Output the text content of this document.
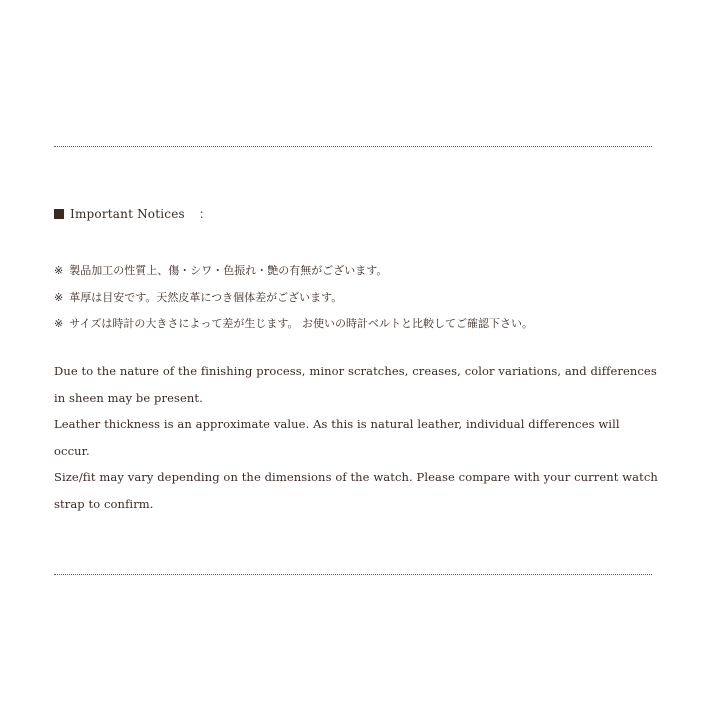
Important Notices ：
※ 製品加工の性質上、傷・シワ・色振れ・艶の有無がございます。
※ 革厚は目安です。天然皮革につき個体差がございます。
※ サイズは時計の大きさによって差が生じます。 お使いの時計ベルトと比較してご確認下さい。

Due to the nature of the finishing process, minor scratches, creases, color variations, and differences in sheen may be present.

Leather thickness is an approximate value. As this is natural leather, individual differences will occur.

Size/fit may vary depending on the dimensions of the watch. Please compare with your current watch strap to confirm.
